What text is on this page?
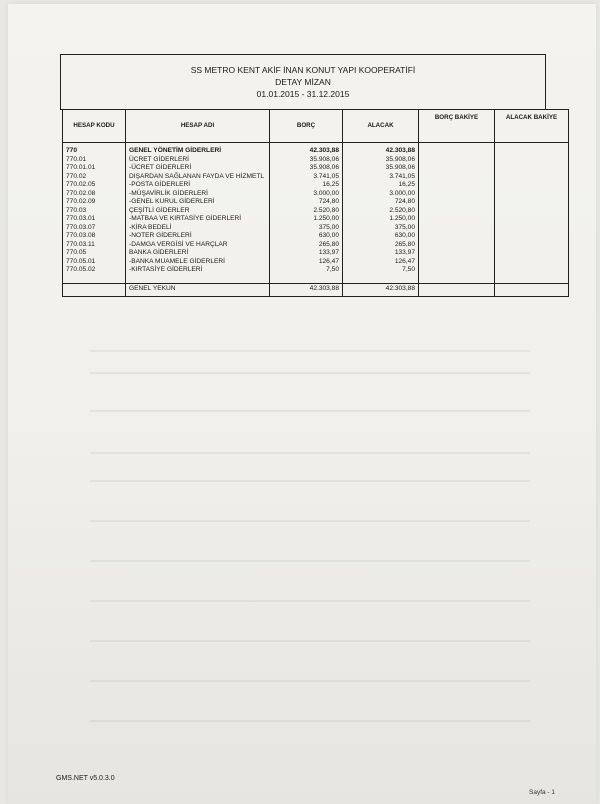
SS METRO KENT AKİF İNAN KONUT YAPI KOOPERATİFİ
DETAY MİZAN
01.01.2015 - 31.12.2015
HESAP KODU	HESAP ADI	BORÇ	ALACAK	BORÇ BAKİYE	ALACAK BAKİYE
770	GENEL YÖNETİM GİDERLERİ	42.303,88	42.303,88		
770.01	ÜCRET GİDERLERİ	35.908,06	35.908,06		
770.01.01	-ÜCRET GİDERLERİ	35.908,06	35.908,06		
770.02	DIŞARDAN SAĞLANAN FAYDA VE HİZMETL	3.741,05	3.741,05		
770.02.05	-POSTA GİDERLERİ	16,25	16,25		
770.02.08	-MÜŞAVİRLİK GİDERLERİ	3.000,00	3.000,00		
770.02.09	-GENEL KURUL GİDERLERİ	724,80	724,80		
770.03	ÇEŞİTLİ GİDERLER	2.520,80	2.520,80		
770.03.01	-MATBAA VE KIRTASİYE GİDERLERİ	1.250,00	1.250,00		
770.03.07	-KİRA BEDELİ	375,00	375,00		
770.03.08	-NOTER GİDERLERİ	630,00	630,00		
770.03.11	-DAMGA VERGİSİ VE HARÇLAR	265,80	265,80		
770.05	BANKA GİDERLERİ	133,97	133,97		
770.05.01	-BANKA MUAMELE GİDERLERİ	126,47	126,47		
770.05.02	-KIRTASİYE GİDERLERİ	7,50	7,50		
	GENEL YEKUN	42.303,88	42.303,88		
GMS.NET v5.0.3.0
Sayfa - 1
